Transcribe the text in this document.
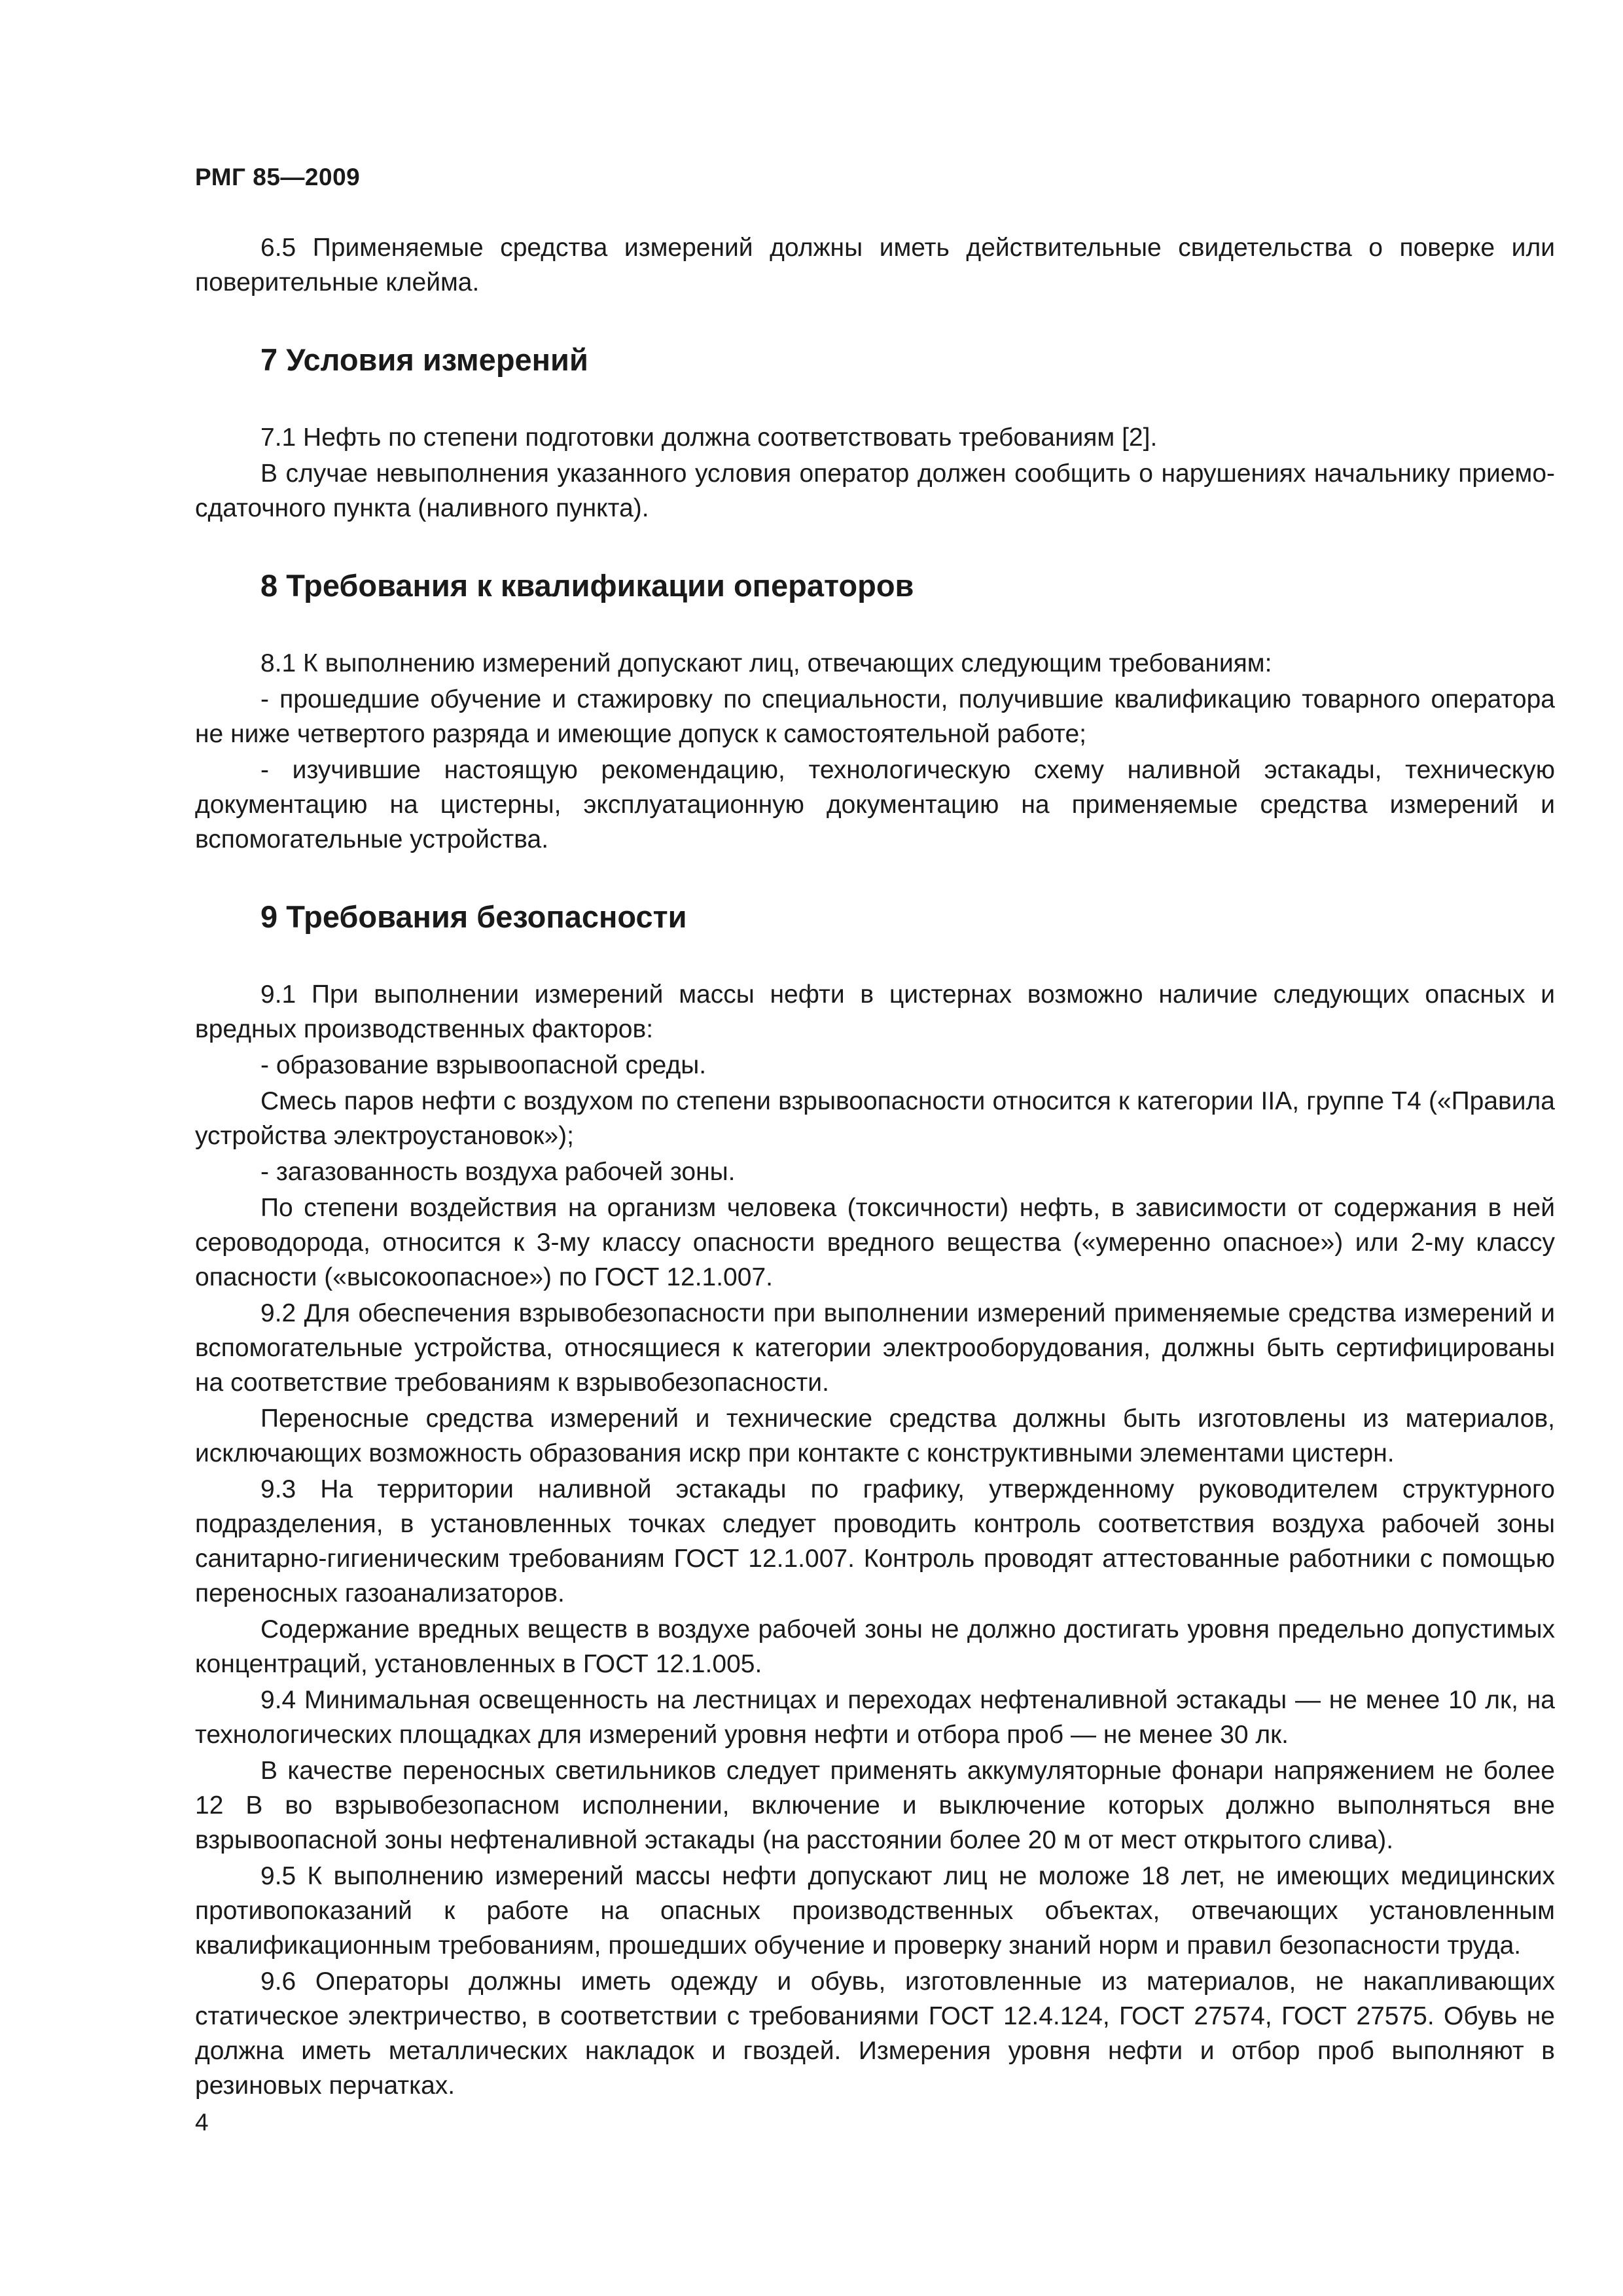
РМГ 85—2009

6.5 Применяемые средства измерений должны иметь действительные свидетельства о поверке или поверительные клейма.

7 Условия измерений

7.1 Нефть по степени подготовки должна соответствовать требованиям [2].

В случае невыполнения указанного условия оператор должен сообщить о нарушениях начальнику приемо-сдаточного пункта (наливного пункта).

8 Требования к квалификации операторов

8.1 К выполнению измерений допускают лиц, отвечающих следующим требованиям:

- прошедшие обучение и стажировку по специальности, получившие квалификацию товарного оператора не ниже четвертого разряда и имеющие допуск к самостоятельной работе;

- изучившие настоящую рекомендацию, технологическую схему наливной эстакады, техническую документацию на цистерны, эксплуатационную документацию на применяемые средства измерений и вспомогательные устройства.

9 Требования безопасности

9.1 При выполнении измерений массы нефти в цистернах возможно наличие следующих опасных и вредных производственных факторов:

- образование взрывоопасной среды.

Смесь паров нефти с воздухом по степени взрывоопасности относится к категории IIA, группе Т4 («Правила устройства электроустановок»);

- загазованность воздуха рабочей зоны.

По степени воздействия на организм человека (токсичности) нефть, в зависимости от содержания в ней сероводорода, относится к 3-му классу опасности вредного вещества («умеренно опасное») или 2-му классу опасности («высокоопасное») по ГОСТ 12.1.007.

9.2 Для обеспечения взрывобезопасности при выполнении измерений применяемые средства измерений и вспомогательные устройства, относящиеся к категории электрооборудования, должны быть сертифицированы на соответствие требованиям к взрывобезопасности.

Переносные средства измерений и технические средства должны быть изготовлены из материалов, исключающих возможность образования искр при контакте с конструктивными элементами цистерн.

9.3 На территории наливной эстакады по графику, утвержденному руководителем структурного подразделения, в установленных точках следует проводить контроль соответствия воздуха рабочей зоны санитарно-гигиеническим требованиям ГОСТ 12.1.007. Контроль проводят аттестованные работники с помощью переносных газоанализаторов.

Содержание вредных веществ в воздухе рабочей зоны не должно достигать уровня предельно допустимых концентраций, установленных в ГОСТ 12.1.005.

9.4 Минимальная освещенность на лестницах и переходах нефтеналивной эстакады — не менее 10 лк, на технологических площадках для измерений уровня нефти и отбора проб — не менее 30 лк.

В качестве переносных светильников следует применять аккумуляторные фонари напряжением не более 12 В во взрывобезопасном исполнении, включение и выключение которых должно выполняться вне взрывоопасной зоны нефтеналивной эстакады (на расстоянии более 20 м от мест открытого слива).

9.5 К выполнению измерений массы нефти допускают лиц не моложе 18 лет, не имеющих медицинских противопоказаний к работе на опасных производственных объектах, отвечающих установленным квалификационным требованиям, прошедших обучение и проверку знаний норм и правил безопасности труда.

9.6 Операторы должны иметь одежду и обувь, изготовленные из материалов, не накапливающих статическое электричество, в соответствии с требованиями ГОСТ 12.4.124, ГОСТ 27574, ГОСТ 27575. Обувь не должна иметь металлических накладок и гвоздей. Измерения уровня нефти и отбор проб выполняют в резиновых перчатках.

4
